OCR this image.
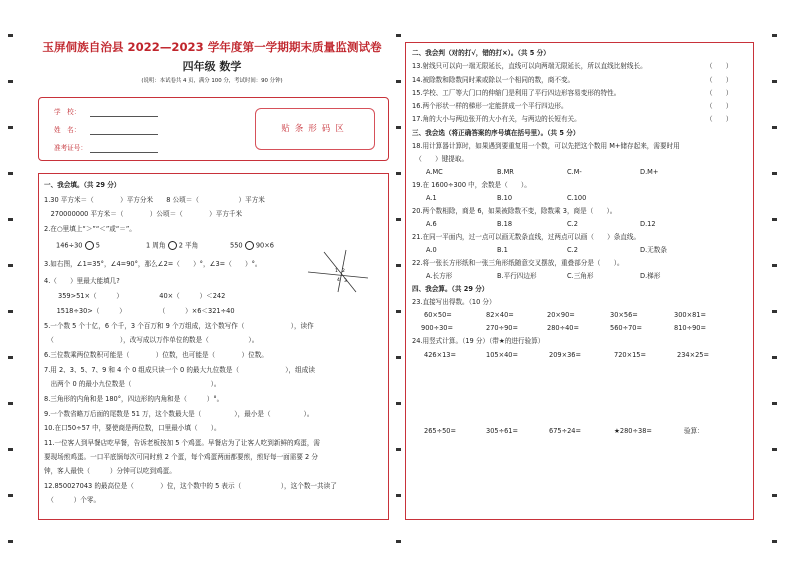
玉屏侗族自治县 2022—2023 学年度第一学期期末质量监测试卷
四年级 数学
(说明：本试卷共 4 页，满分 100 分，考试时间：90 分钟)
学　校：
姓　名：
准考证号：
贴条形码区
一、我会填。（共 29 分）
1.30 平方米＝（　　　　）平方分米　　8 公顷＝（　　　　　　）平方米
　270000000 平方米＝（　　　　）公顷＝（　　　　）平方千米
2.在○里填上“＞”“＜”或“＝”。
146÷30 5	1 周角 2 平角	550 90×6
3.如右图，∠1=35°，∠4=90°，那么∠2=（　　）°，∠3=（　　）°。
1 2
3
4
4.（　　）里最大能填几?
359>51×（　　　）　　　　　　40×（　　　）＜242
　1518÷30>（　　　）　　　　　　（　　　）×6＜321÷40
5.一个数 5 个十亿，6 个千，3 个百万和 9 个万组成，这个数写作（　　　　　　　），读作
　（　　　　　　　　　　），改写成以万作单位的数是（　　　　　　）。
6.三位数乘两位数积可能是（　　　　）位数，也可能是（　　　　）位数。
7.用 2、3、5、7、9 和 4 个 0 组成只读一个 0 的最大九位数是（　　　　　　　），组成读
　出两个 0 的最小九位数是（　　　　　　　　　　　　）。
8.三角形的内角和是 180°，四边形的内角和是（　　　）°。
9.一个数省略万后面的尾数是 51 万，这个数最大是（　　　　　），最小是（　　　　　）。
10.在口50÷57 中，要使商是两位数，口里最小填（　　）。
11.一位客人到早餐店吃早餐，告诉老板按加 5 个鸡蛋。早餐店为了让客人吃到新鲜的鸡蛋，需
要现场煎鸡蛋。一口平底锅每次可同时煎 2 个蛋，每个鸡蛋两面都要煎，煎好每一面需要 2 分
钟，客人最快（　　　）分钟可以吃到鸡蛋。
12.850027043 的最高位是（　　　　）位，这个数中的 5 表示（　　　　　　），这个数一共读了
　（　　　）个零。
二、我会判（对的打√，错的打×）。（共 5 分）
13.射线只可以向一端无限延长，直线可以向两端无限延长，所以直线比射线长。	（　　）
14.被除数和除数同时乘或除以一个相同的数，商不变。	（　　）
15.学校、工厂等大门口的伸缩门是利用了平行四边形容易变形的特性。	（　　）
16.两个形状一样的梯形一定能拼成一个平行四边形。	（　　）
17.角的大小与两边张开的大小有关，与两边的长短有关。	（　　）
三、我会选（将正确答案的序号填在括号里）。（共 5 分）
18.用计算器计算时，如果遇到要重复用一个数，可以先把这个数用 M+储存起来，需要时用
　（　　）键提取。
A.MC	B.MR	C.M-	D.M+
19.在 1600÷300 中，余数是（　　）。
A.1	B.10	C.100
20.两个数相除，商是 6，如果被除数不变，除数乘 3，商是（　　）。
A.6	B.18	C.2	D.12
21.在同一平面内，过一点可以画无数条直线，过两点可以画（　　）条直线。
A.0	B.1	C.2	D.无数条
22.将一张长方形纸和一张三角形纸随意交叉摆放，重叠部分是（　　）。
A.长方形	B.平行四边形	C.三角形	D.梯形
四、我会算。（共 29 分）
23.直接写出得数。（10 分）
60×50=	82×40=	20×90=	30×56=	300×81=
900÷30=	270÷90=	280÷40=	560÷70=	810÷90=
24.用竖式计算。（19 分）（带★的进行验算）
426×13=	105×40=	209×36=	720×15=	234×25=
265÷50=	305÷61=	675÷24=	★280÷38=	验算：
